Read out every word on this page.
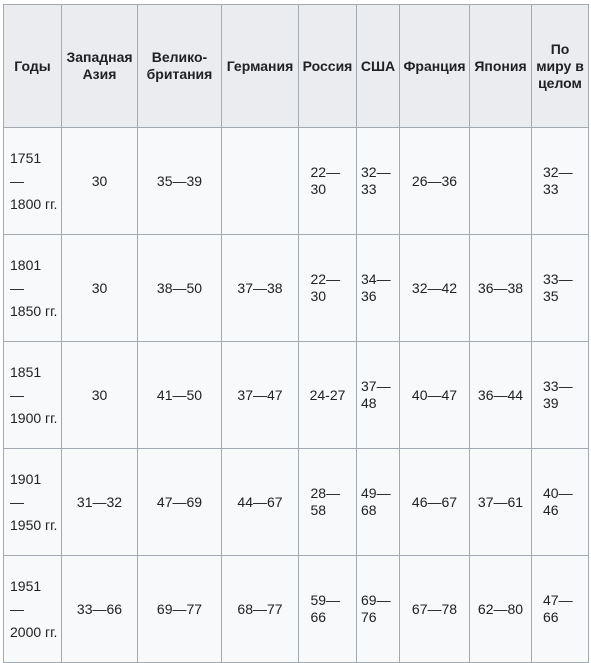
Годы	Западная Азия	Великобритания	Германия	Россия	США	Франция	Япония	По миру в целом

1751
—
1800 гг.	30	35—39		22—30	32—33	26—36		32—33

1801
—
1850 гг.	30	38—50	37—38	22—30	34—36	32—42	36—38	33—35

1851
—
1900 гг.	30	41—50	37—47	24-27	37—48	40—47	36—44	33—39

1901
—
1950 гг.	31—32	47—69	44—67	28—58	49—68	46—67	37—61	40—46

1951
—
2000 гг.	33—66	69—77	68—77	59—66	69—76	67—78	62—80	47—66
